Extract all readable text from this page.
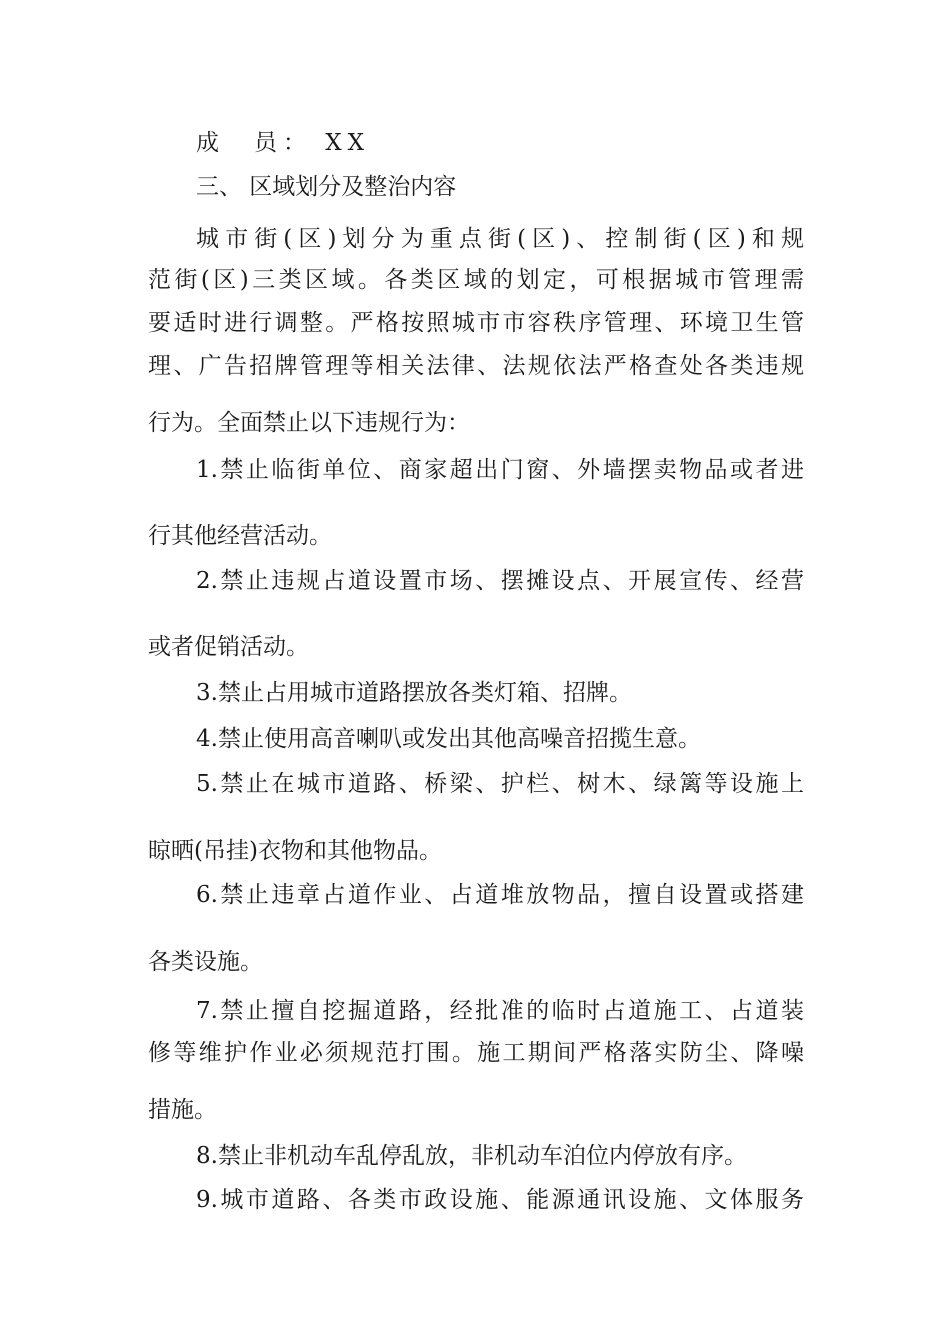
成　员： XX
三、 区域划分及整治内容
城市街(区)划分为重点街(区)、控制街(区)和规
范街(区)三类区域。各类区域的划定，可根据城市管理需
要适时进行调整。严格按照城市市容秩序管理、环境卫生管
理、广告招牌管理等相关法律、法规依法严格查处各类违规
行为。全面禁止以下违规行为：
1.禁止临街单位、商家超出门窗、外墙摆卖物品或者进
行其他经营活动。
2.禁止违规占道设置市场、摆摊设点、开展宣传、经营
或者促销活动。
3.禁止占用城市道路摆放各类灯箱、招牌。
4.禁止使用高音喇叭或发出其他高噪音招揽生意。
5.禁止在城市道路、桥梁、护栏、树木、绿篱等设施上
晾晒(吊挂)衣物和其他物品。
6.禁止违章占道作业、占道堆放物品，擅自设置或搭建
各类设施。
7.禁止擅自挖掘道路，经批准的临时占道施工、占道装
修等维护作业必须规范打围。施工期间严格落实防尘、降噪
措施。
8.禁止非机动车乱停乱放，非机动车泊位内停放有序。
9.城市道路、各类市政设施、能源通讯设施、文体服务
